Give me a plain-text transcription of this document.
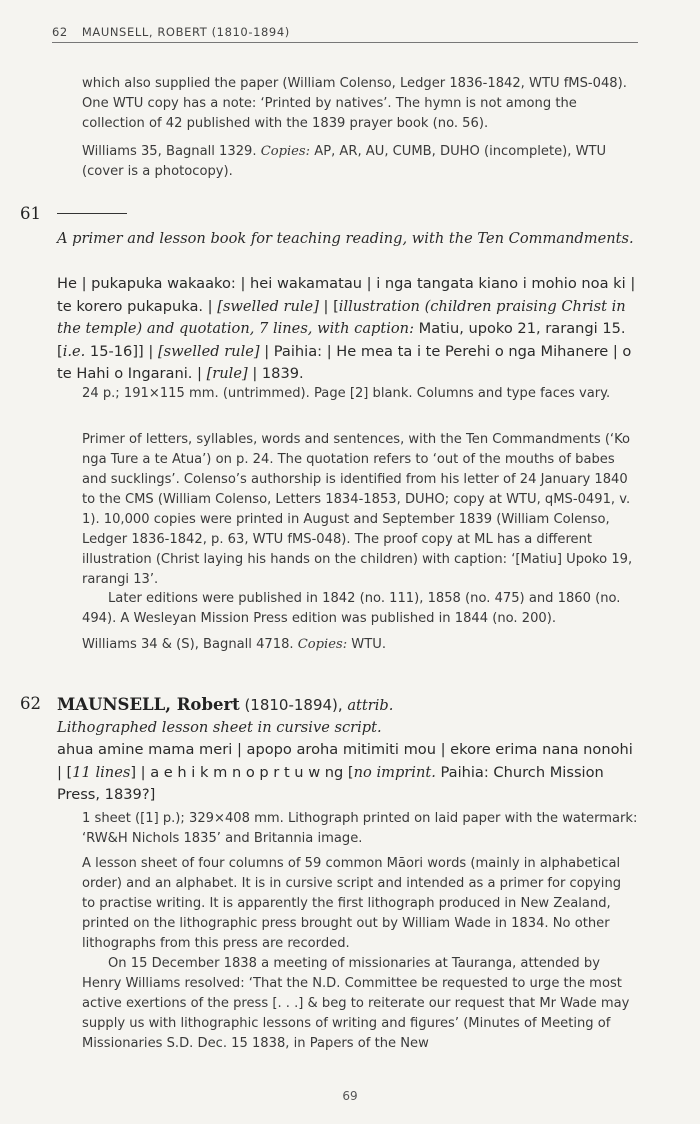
62 MAUNSELL, ROBERT (1810-1894)

which also supplied the paper (William Colenso, Ledger 1836-1842, WTU fMS-048). One WTU copy has a note: ‘Printed by natives’. The hymn is not among the collection of 42 published with the 1839 prayer book (no. 56).

Williams 35, Bagnall 1329. Copies: AP, AR, AU, CUMB, DUHO (incomplete), WTU (cover is a photocopy).

61
A primer and lesson book for teaching reading, with the Ten Commandments.
He | pukapuka wakaako: | hei wakamatau | i nga tangata kiano i mohio noa ki | te korero pukapuka. | [swelled rule] | [illustration (children praising Christ in the temple) and quotation, 7 lines, with caption: Matiu, upoko 21, rarangi 15. [i.e. 15-16]] | [swelled rule] | Paihia: | He mea ta i te Perehi o nga Mihanere | o te Hahi o Ingarani. | [rule] | 1839.

24 p.; 191×115 mm. (untrimmed). Page [2] blank. Columns and type faces vary.

Primer of letters, syllables, words and sentences, with the Ten Commandments (‘Ko nga Ture a te Atua’) on p. 24. The quotation refers to ‘out of the mouths of babes and sucklings’. Colenso’s authorship is identified from his letter of 24 January 1840 to the CMS (William Colenso, Letters 1834-1853, DUHO; copy at WTU, qMS-0491, v. 1). 10,000 copies were printed in August and September 1839 (William Colenso, Ledger 1836-1842, p. 63, WTU fMS-048). The proof copy at ML has a different illustration (Christ laying his hands on the children) with caption: ‘[Matiu] Upoko 19, rarangi 13’.

Later editions were published in 1842 (no. 111), 1858 (no. 475) and 1860 (no. 494). A Wesleyan Mission Press edition was published in 1844 (no. 200).

Williams 34 & (S), Bagnall 4718. Copies: WTU.

62 MAUNSELL, Robert (1810-1894), attrib.
Lithographed lesson sheet in cursive script.
ahua amine mama meri | apopo aroha mitimiti mou | ekore erima nana nonohi | [11 lines] | a e h i k m n o p r t u w ng [no imprint. Paihia: Church Mission Press, 1839?]

1 sheet ([1] p.); 329×408 mm. Lithograph printed on laid paper with the watermark: ‘RW&H Nichols 1835’ and Britannia image.

A lesson sheet of four columns of 59 common Māori words (mainly in alphabetical order) and an alphabet. It is in cursive script and intended as a primer for copying to practise writing. It is apparently the first lithograph produced in New Zealand, printed on the lithographic press brought out by William Wade in 1834. No other lithographs from this press are recorded.

On 15 December 1838 a meeting of missionaries at Tauranga, attended by Henry Williams resolved: ‘That the N.D. Committee be requested to urge the most active exertions of the press [. . .] & beg to reiterate our request that Mr Wade may supply us with lithographic lessons of writing and figures’ (Minutes of Meeting of Missionaries S.D. Dec. 15 1838, in Papers of the New

69
